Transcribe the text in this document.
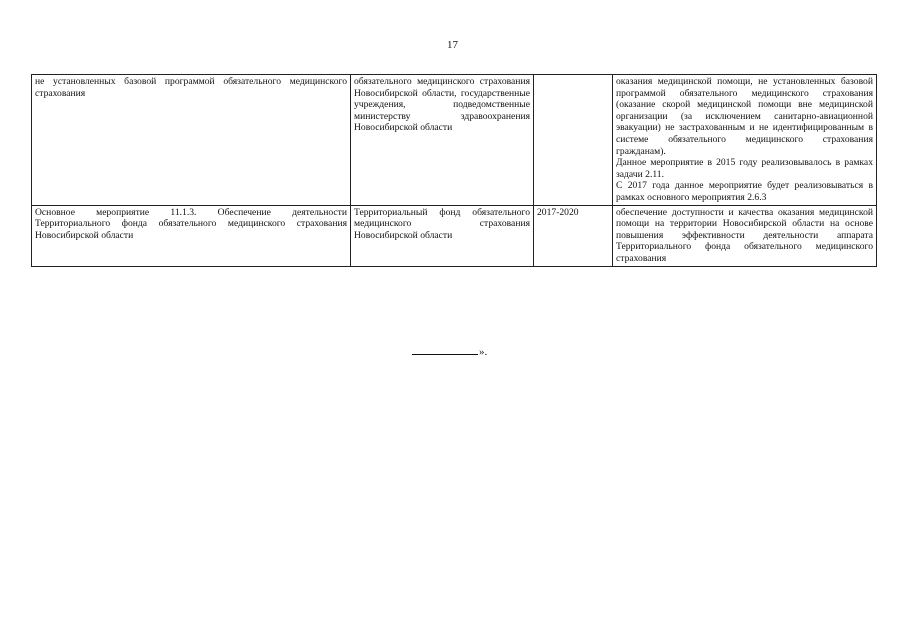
17
не установленных базовой программой обязательного медицинского страхования	обязательного медицинского страхования Новосибирской области, государственные учреждения, подведомственные министерству здравоохранения Новосибирской области		оказания медицинской помощи, не установленных базовой программой обязательного медицинского страхования (оказание скорой медицинской помощи вне медицинской организации (за исключением санитарно-авиационной эвакуации) не застрахованным и не идентифицированным в системе обязательного медицинского страхования гражданам).
Данное мероприятие в 2015 году реализовывалось в рамках задачи 2.11.
С 2017 года данное мероприятие будет реализовываться в рамках основного мероприятия 2.6.3

Основное мероприятие 11.1.3. Обеспечение деятельности Территориального фонда обязательного медицинского страхования Новосибирской области	Территориальный фонд обязательного медицинского страхования Новосибирской области	2017-2020	обеспечение доступности и качества оказания медицинской помощи на территории Новосибирской области на основе повышения эффективности деятельности аппарата Территориального фонда обязательного медицинского страхования
».
